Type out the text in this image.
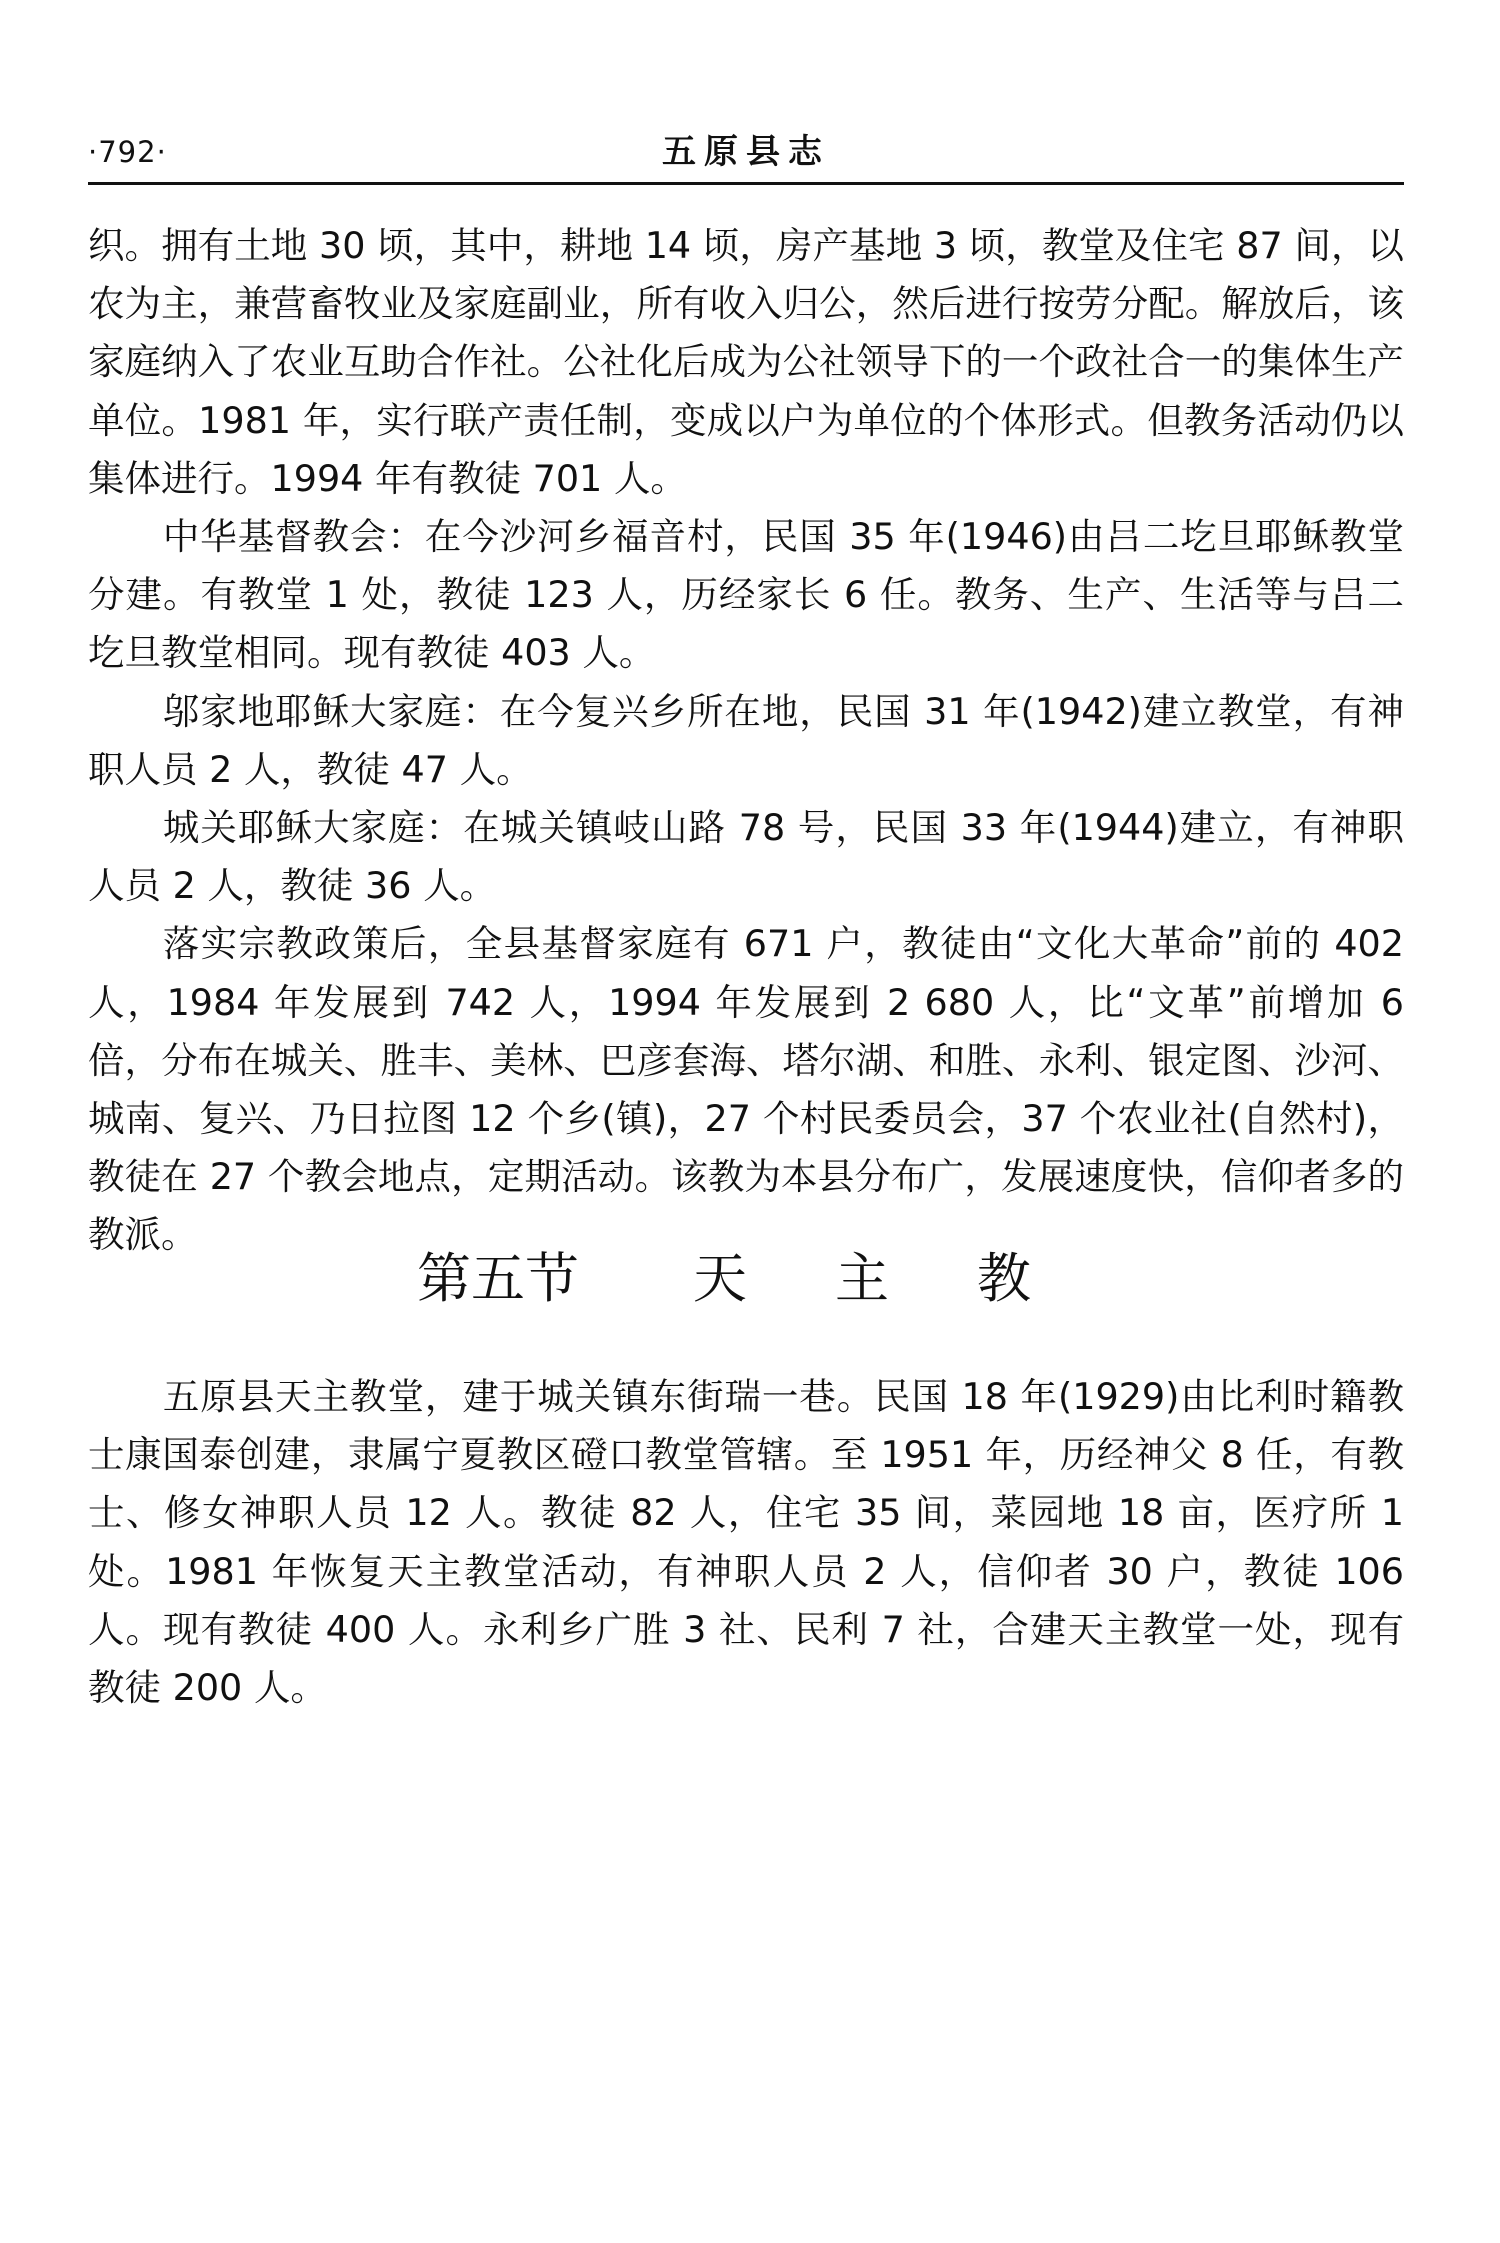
·792·	五原县志

织。拥有土地 30 顷，其中，耕地 14 顷，房产基地 3 顷，教堂及住宅 87 间，以农为主，兼营畜牧业及家庭副业，所有收入归公，然后进行按劳分配。解放后，该家庭纳入了农业互助合作社。公社化后成为公社领导下的一个政社合一的集体生产单位。1981 年，实行联产责任制，变成以户为单位的个体形式。但教务活动仍以集体进行。1994 年有教徒 701 人。

中华基督教会：在今沙河乡福音村，民国 35 年(1946)由吕二圪旦耶稣教堂分建。有教堂 1 处，教徒 123 人，历经家长 6 任。教务、生产、生活等与吕二圪旦教堂相同。现有教徒 403 人。

邬家地耶稣大家庭：在今复兴乡所在地，民国 31 年(1942)建立教堂，有神职人员 2 人，教徒 47 人。

城关耶稣大家庭：在城关镇岐山路 78 号，民国 33 年(1944)建立，有神职人员 2 人，教徒 36 人。

落实宗教政策后，全县基督家庭有 671 户，教徒由“文化大革命”前的 402 人，1984 年发展到 742 人，1994 年发展到 2 680 人，比“文革”前增加 6 倍，分布在城关、胜丰、美林、巴彦套海、塔尔湖、和胜、永利、银定图、沙河、城南、复兴、乃日拉图 12 个乡(镇)，27 个村民委员会，37 个农业社(自然村)，教徒在 27 个教会地点，定期活动。该教为本县分布广，发展速度快，信仰者多的教派。

第五节 天 主 教

五原县天主教堂，建于城关镇东街瑞一巷。民国 18 年(1929)由比利时籍教士康国泰创建，隶属宁夏教区磴口教堂管辖。至 1951 年，历经神父 8 任，有教士、修女神职人员 12 人。教徒 82 人，住宅 35 间，菜园地 18 亩，医疗所 1 处。1981 年恢复天主教堂活动，有神职人员 2 人，信仰者 30 户，教徒 106 人。现有教徒 400 人。永利乡广胜 3 社、民利 7 社，合建天主教堂一处，现有教徒 200 人。
